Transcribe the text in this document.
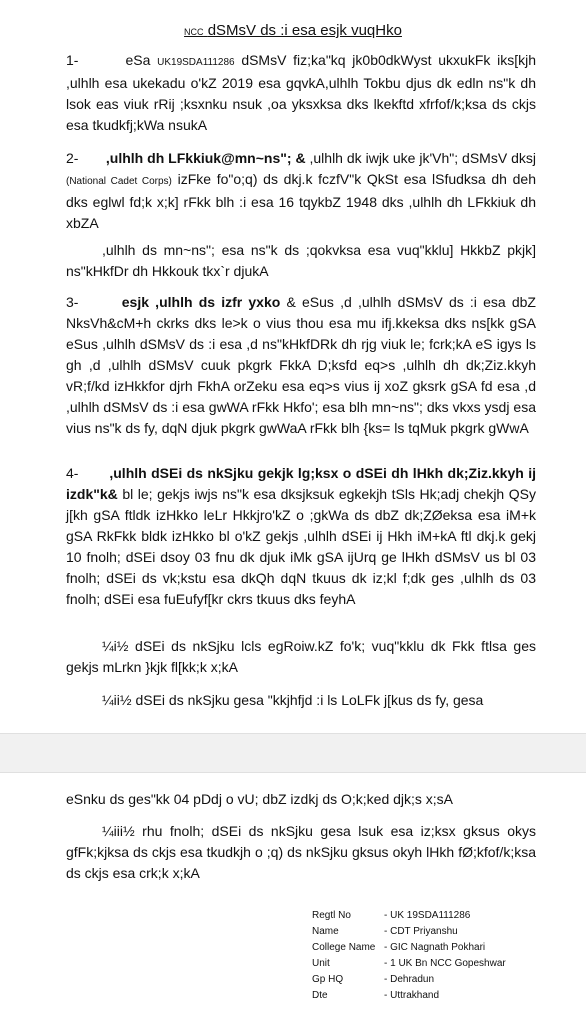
NCC dSMsV ds :i esa esjk vuqHko
1-	eSa UK19SDA111286 dSMsV fiz;ka"kq jk0b0dkWyst ukxukFk iks[kjh ,ulhlh esa ukekadu o'kZ 2019 esa gqvkA,ulhlh Tokbu djus dk edln ns"k dh lsok eas viuk rRij ;ksxnku nsuk ,oa yksxksa dks lkekftd xfrfof/k;ksa ds ckjs esa tkudkfj;kWa nsukA
2- ,ulhlh dh LFkkiuk@mn~ns"; & ,ulhlh dk iwjk uke jk'Vh"; dSMsV dksj (National Cadet Corps) izFke fo"o;q) ds dkj.k fczfV"k QkSt esa lSfudksa dh deh dks eglwl fd;k x;k] rFkk blh :i esa 16 tqykbZ 1948 dks ,ulhlh dh LFkkiuk dh xbZA
,ulhlh ds mn~ns"; esa ns"k ds ;qokvksa esa vuq"kklu] HkkbZ pkjk] ns"kHkfDr dh Hkkouk tkx`r djukA
3-	esjk ,ulhlh ds izfr yxko & eSus ,d ,ulhlh dSMsV ds :i esa dbZ NksVh&cM+h ckrks dks le>k o vius thou esa mu ifj.kkeksa dks ns[kk gSA eSus ,ulhlh dSMsV ds :i esa ,d ns"kHkfDRk dh rjg viuk le; fcrk;kA eS igys ls gh ,d ,ulhlh dSMsV cuuk pkgrk FkkA D;ksfd eq>s ,ulhlh dh dk;Ziz.kkyh vR;f/kd izHkkfor djrh FkhA orZeku esa eq>s vius ij xoZ gksrk gSA fd esa ,d ,ulhlh dSMsV ds :i esa gwWA rFkk Hkfo'; esa blh mn~ns"; dks vkxs ysdj esa vius ns"k ds fy, dqN djuk pkgrk gwWaA rFkk blh {ks= ls tqMuk pkgrk gWwA
4- ,ulhlh dSEi ds nkSjku gekjk lg;ksx o dSEi dh lHkh dk;Ziz.kkyh ij izdk"k& bl le; gekjs iwjs ns"k esa dksjksuk egkekjh tSls Hk;adj chekjh QSy j[kh gSA ftldk izHkko leLr Hkkjro'kZ o ;gkWa ds dbZ dk;ZØeksa esa iM+k gSA RkFkk bldk izHkko bl o'kZ gekjs ,ulhlh dSEi ij Hkh iM+kA ftl dkj.k gekj 10 fnolh; dSEi dsoy 03 fnu dk djuk iMk gSA ijUrq ge lHkh dSMsV us bl 03 fnolh; dSEi ds vk;kstu esa dkQh dqN tkuus dk iz;kl f;dk ges ,ulhlh ds 03 fnolh; dSEi esa fuEufyf[kr ckrs tkuus dks feyhA
¼i½ dSEi ds nkSjku lcls egRoiw.kZ fo'k; vuq"kklu dk Fkk ftlsa ges gekjs mLrkn }kjk fl[kk;k x;kA
¼ii½ dSEi ds nkSjku gesa "kkjhfjd :i ls LoLFk j[kus ds fy, gesa
eSnku ds ges"kk 04 pDdj o vU; dbZ izdkj ds O;k;ked djk;s x;sA
¼iii½ rhu fnolh; dSEi ds nkSjku gesa lsuk esa iz;ksx gksus okys gfFk;kjksa ds ckjs esa tkudkjh o ;q) ds nkSjku gksus okyh lHkh fØ;kfof/k;ksa ds ckjs esa crk;k x;kA
Regtl No	- UK 19SDA111286
Name	- CDT Priyanshu
College Name - GIC Nagnath Pokhari
Unit	- 1 UK Bn NCC Gopeshwar
Gp HQ	- Dehradun
Dte	- Uttrakhand
